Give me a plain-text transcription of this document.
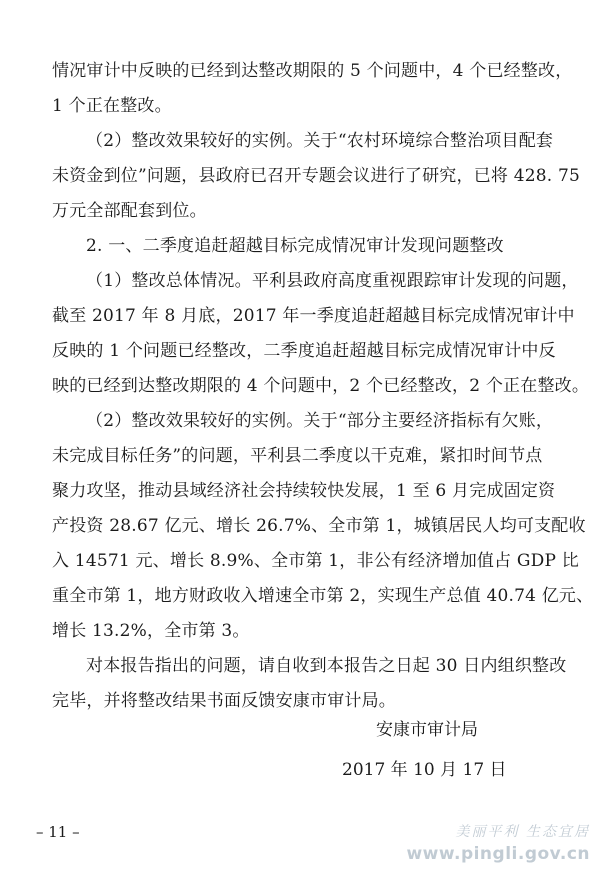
情况审计中反映的已经到达整改期限的 5 个问题中，4 个已经整改，
1 个正在整改。

（2）整改效果较好的实例。关于“农村环境综合整治项目配套
未资金到位”问题，县政府已召开专题会议进行了研究，已将 428. 75
万元全部配套到位。

2. 一、二季度追赶超越目标完成情况审计发现问题整改

（1）整改总体情况。平利县政府高度重视跟踪审计发现的问题，
截至 2017 年 8 月底，2017 年一季度追赶超越目标完成情况审计中
反映的 1 个问题已经整改，二季度追赶超越目标完成情况审计中反
映的已经到达整改期限的 4 个问题中，2 个已经整改，2 个正在整改。

（2）整改效果较好的实例。关于“部分主要经济指标有欠账，
未完成目标任务”的问题，平利县二季度以干克难，紧扣时间节点
聚力攻坚，推动县域经济社会持续较快发展，1 至 6 月完成固定资
产投资 28.67 亿元、增长 26.7%、全市第 1，城镇居民人均可支配收
入 14571 元、增长 8.9%、全市第 1，非公有经济增加值占 GDP 比
重全市第 1，地方财政收入增速全市第 2，实现生产总值 40.74 亿元、
增长 13.2%，全市第 3。

对本报告指出的问题，请自收到本报告之日起 30 日内组织整改
完毕，并将整改结果书面反馈安康市审计局。

安康市审计局
2017 年 10 月 17 日
– 11 –	美丽平利 生态宜居
www.pingli.gov.cn
